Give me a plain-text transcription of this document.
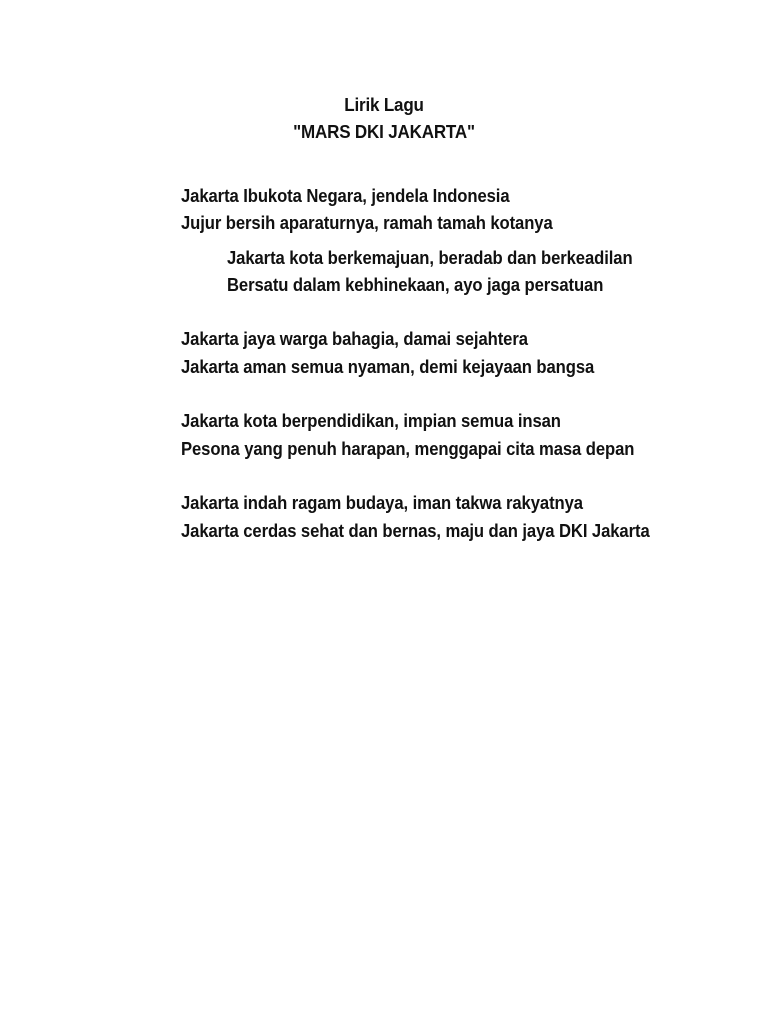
Lirik Lagu
"MARS DKI JAKARTA"
Jakarta Ibukota Negara, jendela Indonesia
Jujur bersih aparaturnya, ramah tamah kotanya
Jakarta kota berkemajuan, beradab dan berkeadilan
Bersatu dalam kebhinekaan, ayo jaga persatuan
Jakarta jaya warga bahagia, damai sejahtera
Jakarta aman semua nyaman, demi kejayaan bangsa
Jakarta kota berpendidikan, impian semua insan
Pesona yang penuh harapan, menggapai cita masa depan
Jakarta indah ragam budaya, iman takwa rakyatnya
Jakarta cerdas sehat dan bernas, maju dan jaya DKI Jakarta
